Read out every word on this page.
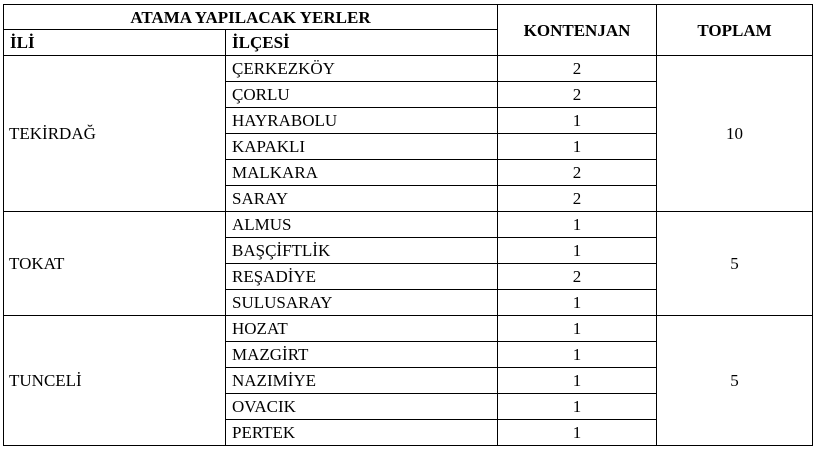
ATAMA YAPILACAK YERLER		KONTENJAN	TOPLAM
İLİ	İLÇESİ		
TEKİRDAĞ	ÇERKEZKÖY	2	10
	ÇORLU	2	
	HAYRABOLU	1	
	KAPAKLI	1	
	MALKARA	2	
	SARAY	2	
TOKAT	ALMUS	1	5
	BAŞÇİFTLİK	1	
	REŞADİYE	2	
	SULUSARAY	1	
TUNCELİ	HOZAT	1	5
	MAZGİRT	1	
	NAZIMİYE	1	
	OVACIK	1	
	PERTEK	1	
